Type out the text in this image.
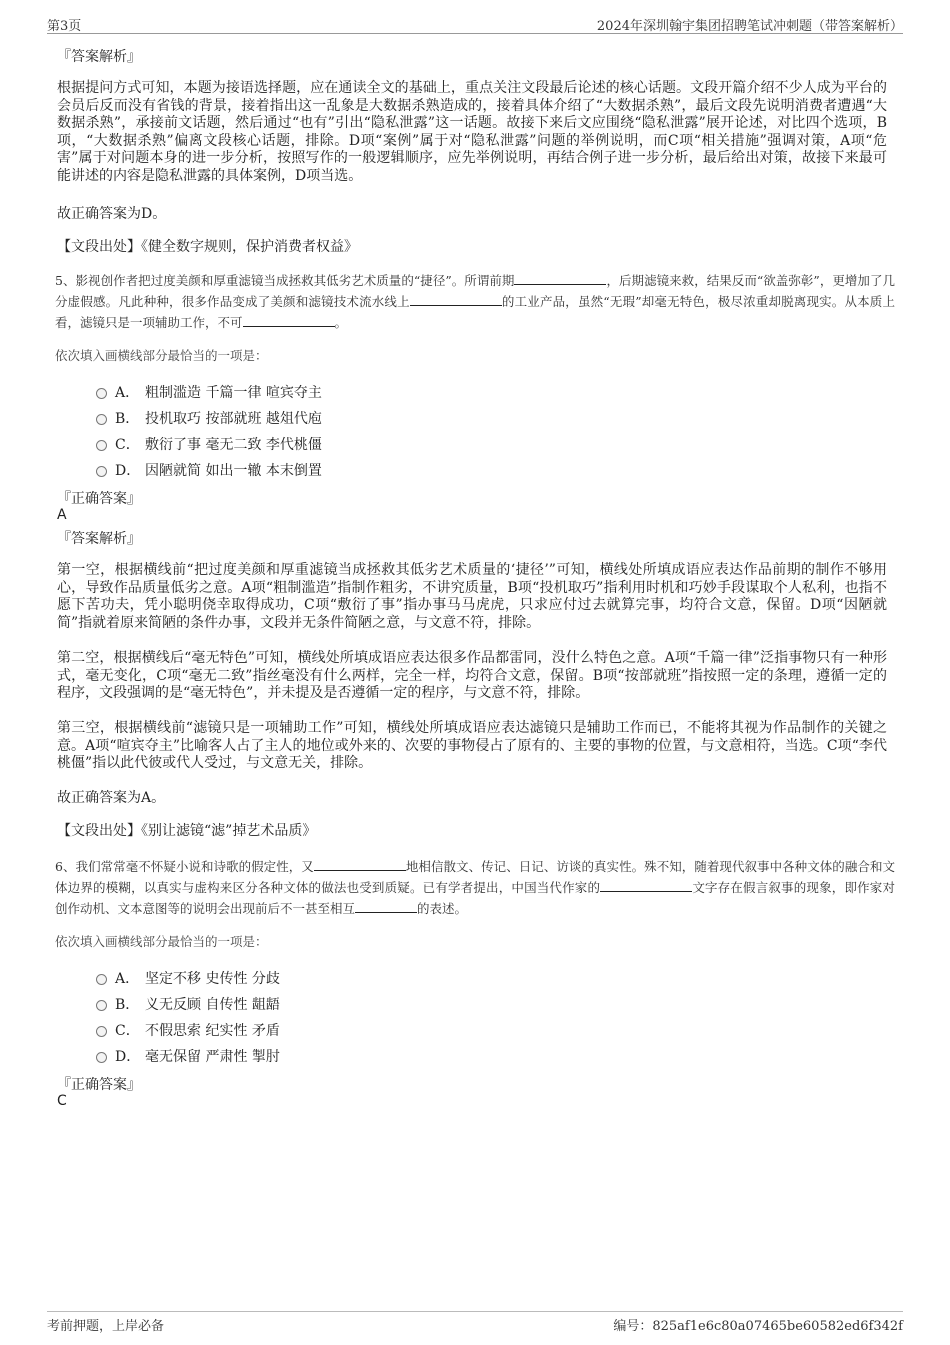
第3页	2024年深圳翰宇集团招聘笔试冲刺题（带答案解析）
『答案解析』
根据提问方式可知，本题为接语选择题，应在通读全文的基础上，重点关注文段最后论述的核心话题。文段开篇介绍不少人成为平台的会员后反而没有省钱的背景，接着指出这一乱象是大数据杀熟造成的，接着具体介绍了“大数据杀熟”，最后文段先说明消费者遭遇“大数据杀熟”，承接前文话题，然后通过“也有”引出“隐私泄露”这一话题。故接下来后文应围绕“隐私泄露”展开论述，对比四个选项，B项，“大数据杀熟”偏离文段核心话题，排除。D项“案例”属于对“隐私泄露”问题的举例说明，而C项“相关措施”强调对策，A项“危害”属于对问题本身的进一步分析，按照写作的一般逻辑顺序，应先举例说明，再结合例子进一步分析，最后给出对策，故接下来最可能讲述的内容是隐私泄露的具体案例，D项当选。
故正确答案为D。
【文段出处】《健全数字规则，保护消费者权益》
5、影视创作者把过度美颜和厚重滤镜当成拯救其低劣艺术质量的“捷径”。所谓前期	，后期滤镜来救，结果反而“欲盖弥彰”，更增加了几分虚假感。凡此种种，很多作品变成了美颜和滤镜技术流水线上	的工业产品，虽然“无瑕”却毫无特色，极尽浓重却脱离现实。从本质上看，滤镜只是一项辅助工作，不可	。
依次填入画横线部分最恰当的一项是：
A． 粗制滥造 千篇一律 喧宾夺主
B． 投机取巧 按部就班 越俎代庖
C． 敷衍了事 毫无二致 李代桃僵
D． 因陋就简 如出一辙 本末倒置
『正确答案』
A
『答案解析』
第一空，根据横线前“把过度美颜和厚重滤镜当成拯救其低劣艺术质量的‘捷径’”可知，横线处所填成语应表达作品前期的制作不够用心，导致作品质量低劣之意。A项“粗制滥造”指制作粗劣，不讲究质量，B项“投机取巧”指利用时机和巧妙手段谋取个人私利，也指不愿下苦功夫，凭小聪明侥幸取得成功，C项“敷衍了事”指办事马马虎虎，只求应付过去就算完事，均符合文意，保留。D项“因陋就简”指就着原来简陋的条件办事，文段并无条件简陋之意，与文意不符，排除。
第二空，根据横线后“毫无特色”可知，横线处所填成语应表达很多作品都雷同，没什么特色之意。A项“千篇一律”泛指事物只有一种形式，毫无变化，C项“毫无二致”指丝毫没有什么两样，完全一样，均符合文意，保留。B项“按部就班”指按照一定的条理，遵循一定的程序，文段强调的是“毫无特色”，并未提及是否遵循一定的程序，与文意不符，排除。
第三空，根据横线前“滤镜只是一项辅助工作”可知，横线处所填成语应表达滤镜只是辅助工作而已，不能将其视为作品制作的关键之意。A项“喧宾夺主”比喻客人占了主人的地位或外来的、次要的事物侵占了原有的、主要的事物的位置，与文意相符，当选。C项“李代桃僵”指以此代彼或代人受过，与文意无关，排除。
故正确答案为A。
【文段出处】《别让滤镜“滤”掉艺术品质》
6、我们常常毫不怀疑小说和诗歌的假定性，又	地相信散文、传记、日记、访谈的真实性。殊不知，随着现代叙事中各种文体的融合和文体边界的模糊，以真实与虚构来区分各种文体的做法也受到质疑。已有学者提出，中国当代作家的	文字存在假言叙事的现象，即作家对创作动机、文本意图等的说明会出现前后不一甚至相互	的表述。
依次填入画横线部分最恰当的一项是：
A． 坚定不移 史传性 分歧
B． 义无反顾 自传性 龃龉
C． 不假思索 纪实性 矛盾
D． 毫无保留 严肃性 掣肘
『正确答案』
C
考前押题，上岸必备	编号：825af1e6c80a07465be60582ed6f342f
